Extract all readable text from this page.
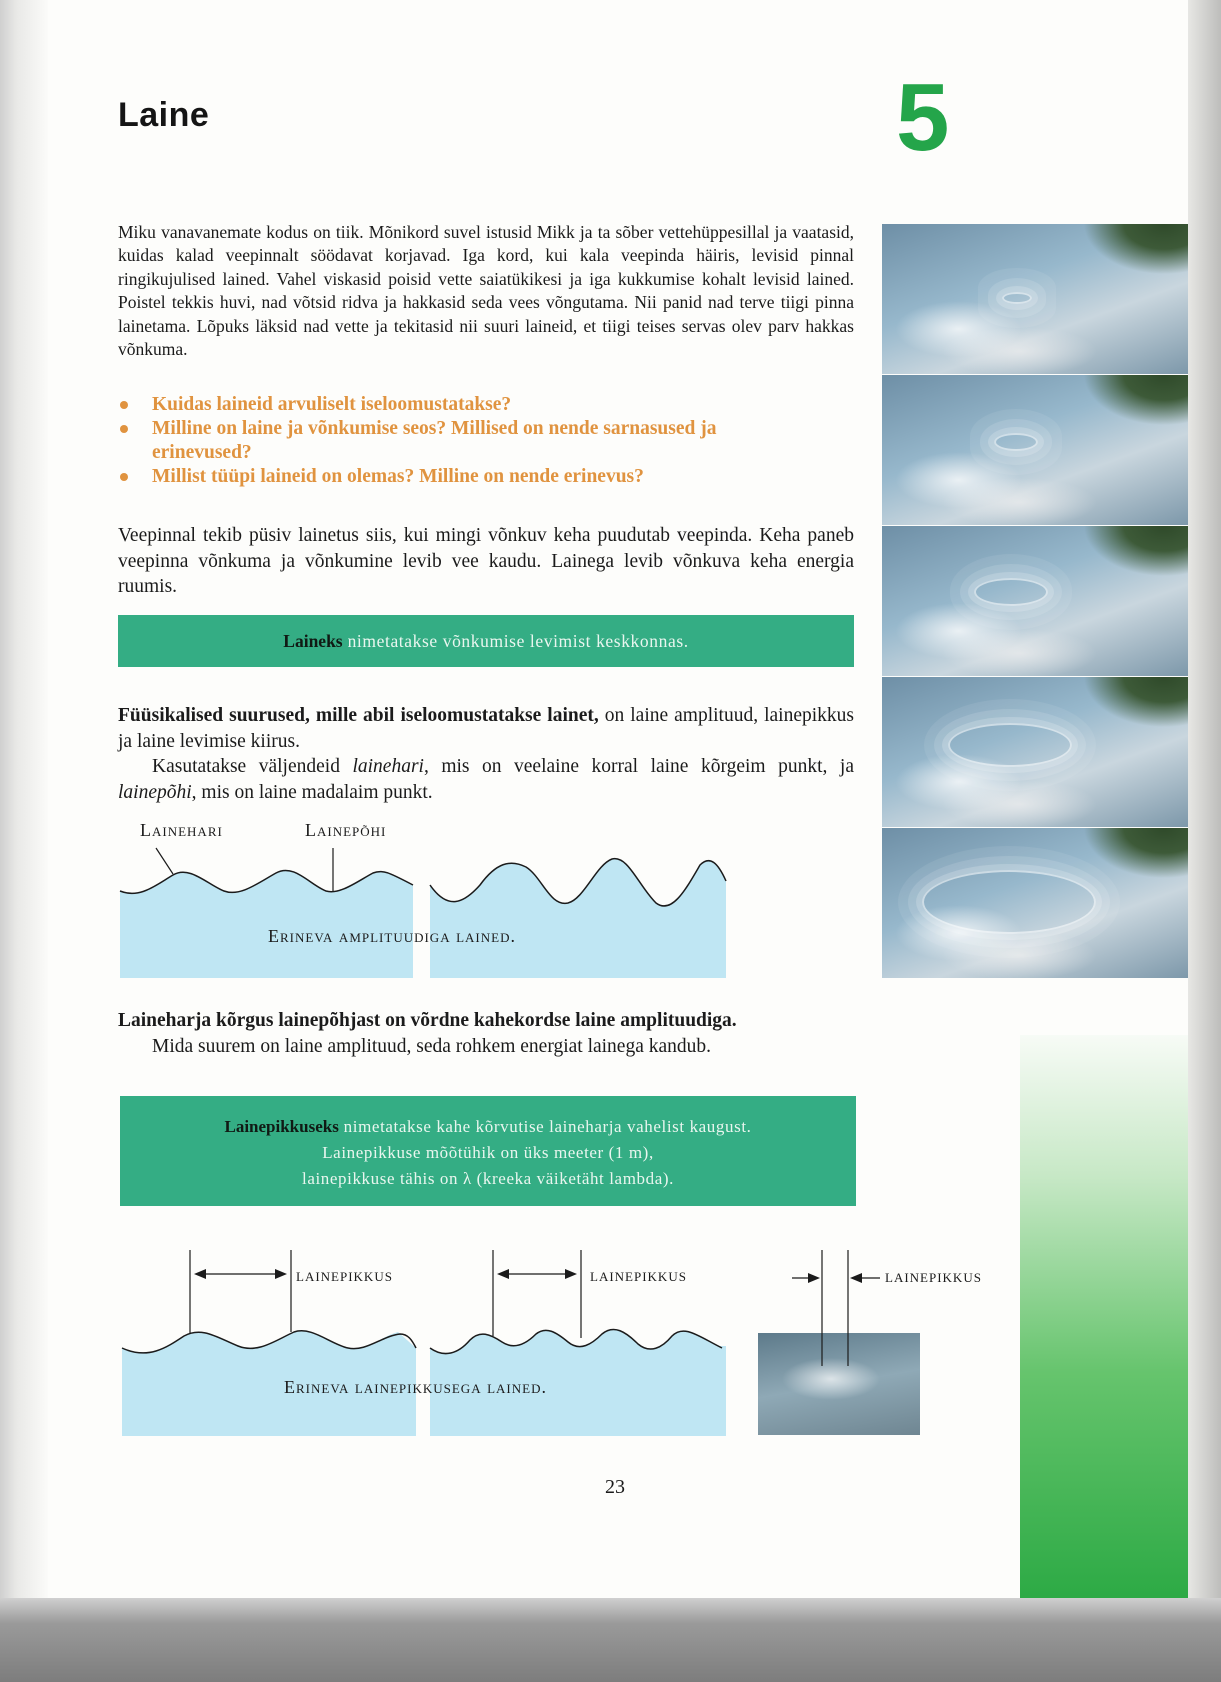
Laine	5

Miku vanavanemate kodus on tiik. Mõnikord suvel istusid Mikk ja ta sõber vettehüppesillal ja vaatasid, kuidas kalad veepinnalt söödavat korjavad. Iga kord, kui kala veepinda häiris, levisid pinnal ringikujulised lained. Vahel viskasid poisid vette saiatükikesi ja iga kukkumise kohalt levisid lained. Poistel tekkis huvi, nad võtsid ridva ja hakkasid seda vees võngutama. Nii panid nad terve tiigi pinna lainetama. Lõpuks läksid nad vette ja tekitasid nii suuri laineid, et tiigi teises servas olev parv hakkas võnkuma.

Kuidas laineid arvuliselt iseloomustatakse?
Milline on laine ja võnkumise seos? Millised on nende sarnasused ja erinevused?
Millist tüüpi laineid on olemas? Milline on nende erinevus?

Veepinnal tekib püsiv lainetus siis, kui mingi võnkuv keha puudutab veepinda. Keha paneb veepinna võnkuma ja võnkumine levib vee kaudu. Lainega levib võnkuva keha energia ruumis.

Laineks nimetatakse võnkumise levimist keskkonnas.

Füüsikalised suurused, mille abil iseloomustatakse lainet, on laine amplituud, lainepikkus ja laine levimise kiirus.

Kasutatakse väljendeid lainehari, mis on veelaine korral laine kõrgeim punkt, ja lainepõhi, mis on laine madalaim punkt.

Lainehari	Lainepõhi
Erineva amplituudiga lained.

Laineharja kõrgus lainepõhjast on võrdne kahekordse laine amplituudiga.

Mida suurem on laine amplituud, seda rohkem energiat lainega kandub.

Lainepikkuseks nimetatakse kahe kõrvutise laineharja vahelist kaugust.
Lainepikkuse mõõtühik on üks meeter (1 m),
lainepikkuse tähis on λ (kreeka väiketäht lambda).
lainepikkus	lainepikkus
Erineva lainepikkusega lained.
lainepikkus
23
